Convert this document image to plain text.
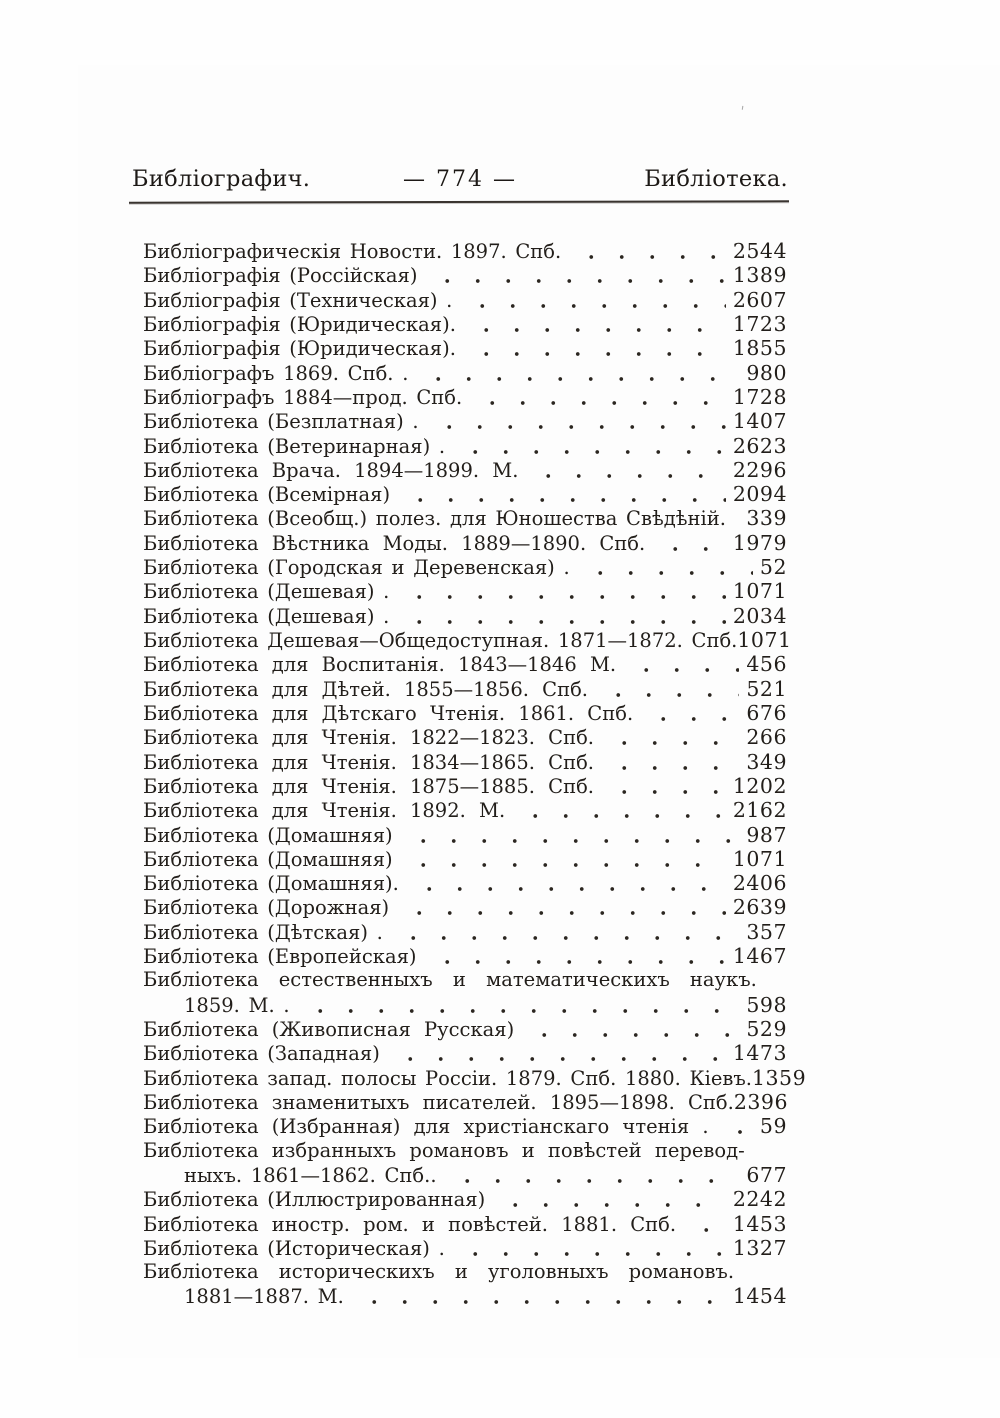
'
Библіографич.	— 774 —	Библіотека.
Библіографическія Новости. 1897. Спб.	2544
Библіографія (Россійская)	1389
Библіографія (Техническая) .	2607
Библіографія (Юридическая).	1723
Библіографія (Юридическая).	1855
Библіографъ 1869. Спб. .	980
Библіографъ 1884—прод. Спб.	1728
Библіотека (Безплатная) .	1407
Библіотека (Ветеринарная) .	2623
Библіотека Врача. 1894—1899. М.	2296
Библіотека (Всемірная)	2094
Библіотека (Всеобщ.) полез. для Юношества Свѣдѣній. 339
Библіотека Вѣстника Моды. 1889—1890. Спб.	1979
Библіотека (Городская и Деревенская) .	52
Библіотека (Дешевая) .	1071
Библіотека (Дешевая) .	2034
Библіотека Дешевая—Общедоступная. 1871—1872. Спб. 1071
Библіотека для Воспитанія. 1843—1846 М.	456
Библіотека для Дѣтей. 1855—1856. Спб.	521
Библіотека для Дѣтскаго Чтенія. 1861. Спб.	676
Библіотека для Чтенія. 1822—1823. Спб.	266
Библіотека для Чтенія. 1834—1865. Спб.	349
Библіотека для Чтенія. 1875—1885. Спб.	1202
Библіотека для Чтенія. 1892. М.	2162
Библіотека (Домашняя)	987
Библіотека (Домашняя)	1071
Библіотека (Домашняя).	2406
Библіотека (Дорожная)	2639
Библіотека (Дѣтская) .	357
Библіотека (Европейская)	1467
Библіотека естественныхъ и математическихъ наукъ.
1859. М. .	598
Библіотека (Живописная Русская)	529
Библіотека (Западная)	1473
Библіотека запад. полосы Россіи. 1879. Спб. 1880. Кіевъ. 1359
Библіотека знаменитыхъ писателей. 1895—1898. Спб. 2396
Библіотека (Избранная) для христіанскаго чтенія .	59
Библіотека избранныхъ романовъ и повѣстей перевод-
ныхъ. 1861—1862. Спб..	677
Библіотека (Иллюстрированная)	2242
Библіотека иностр. ром. и повѣстей. 1881. Спб.	1453
Библіотека (Историческая) .	1327
Библіотека историческихъ и уголовныхъ романовъ.
1881—1887. М.	1454
